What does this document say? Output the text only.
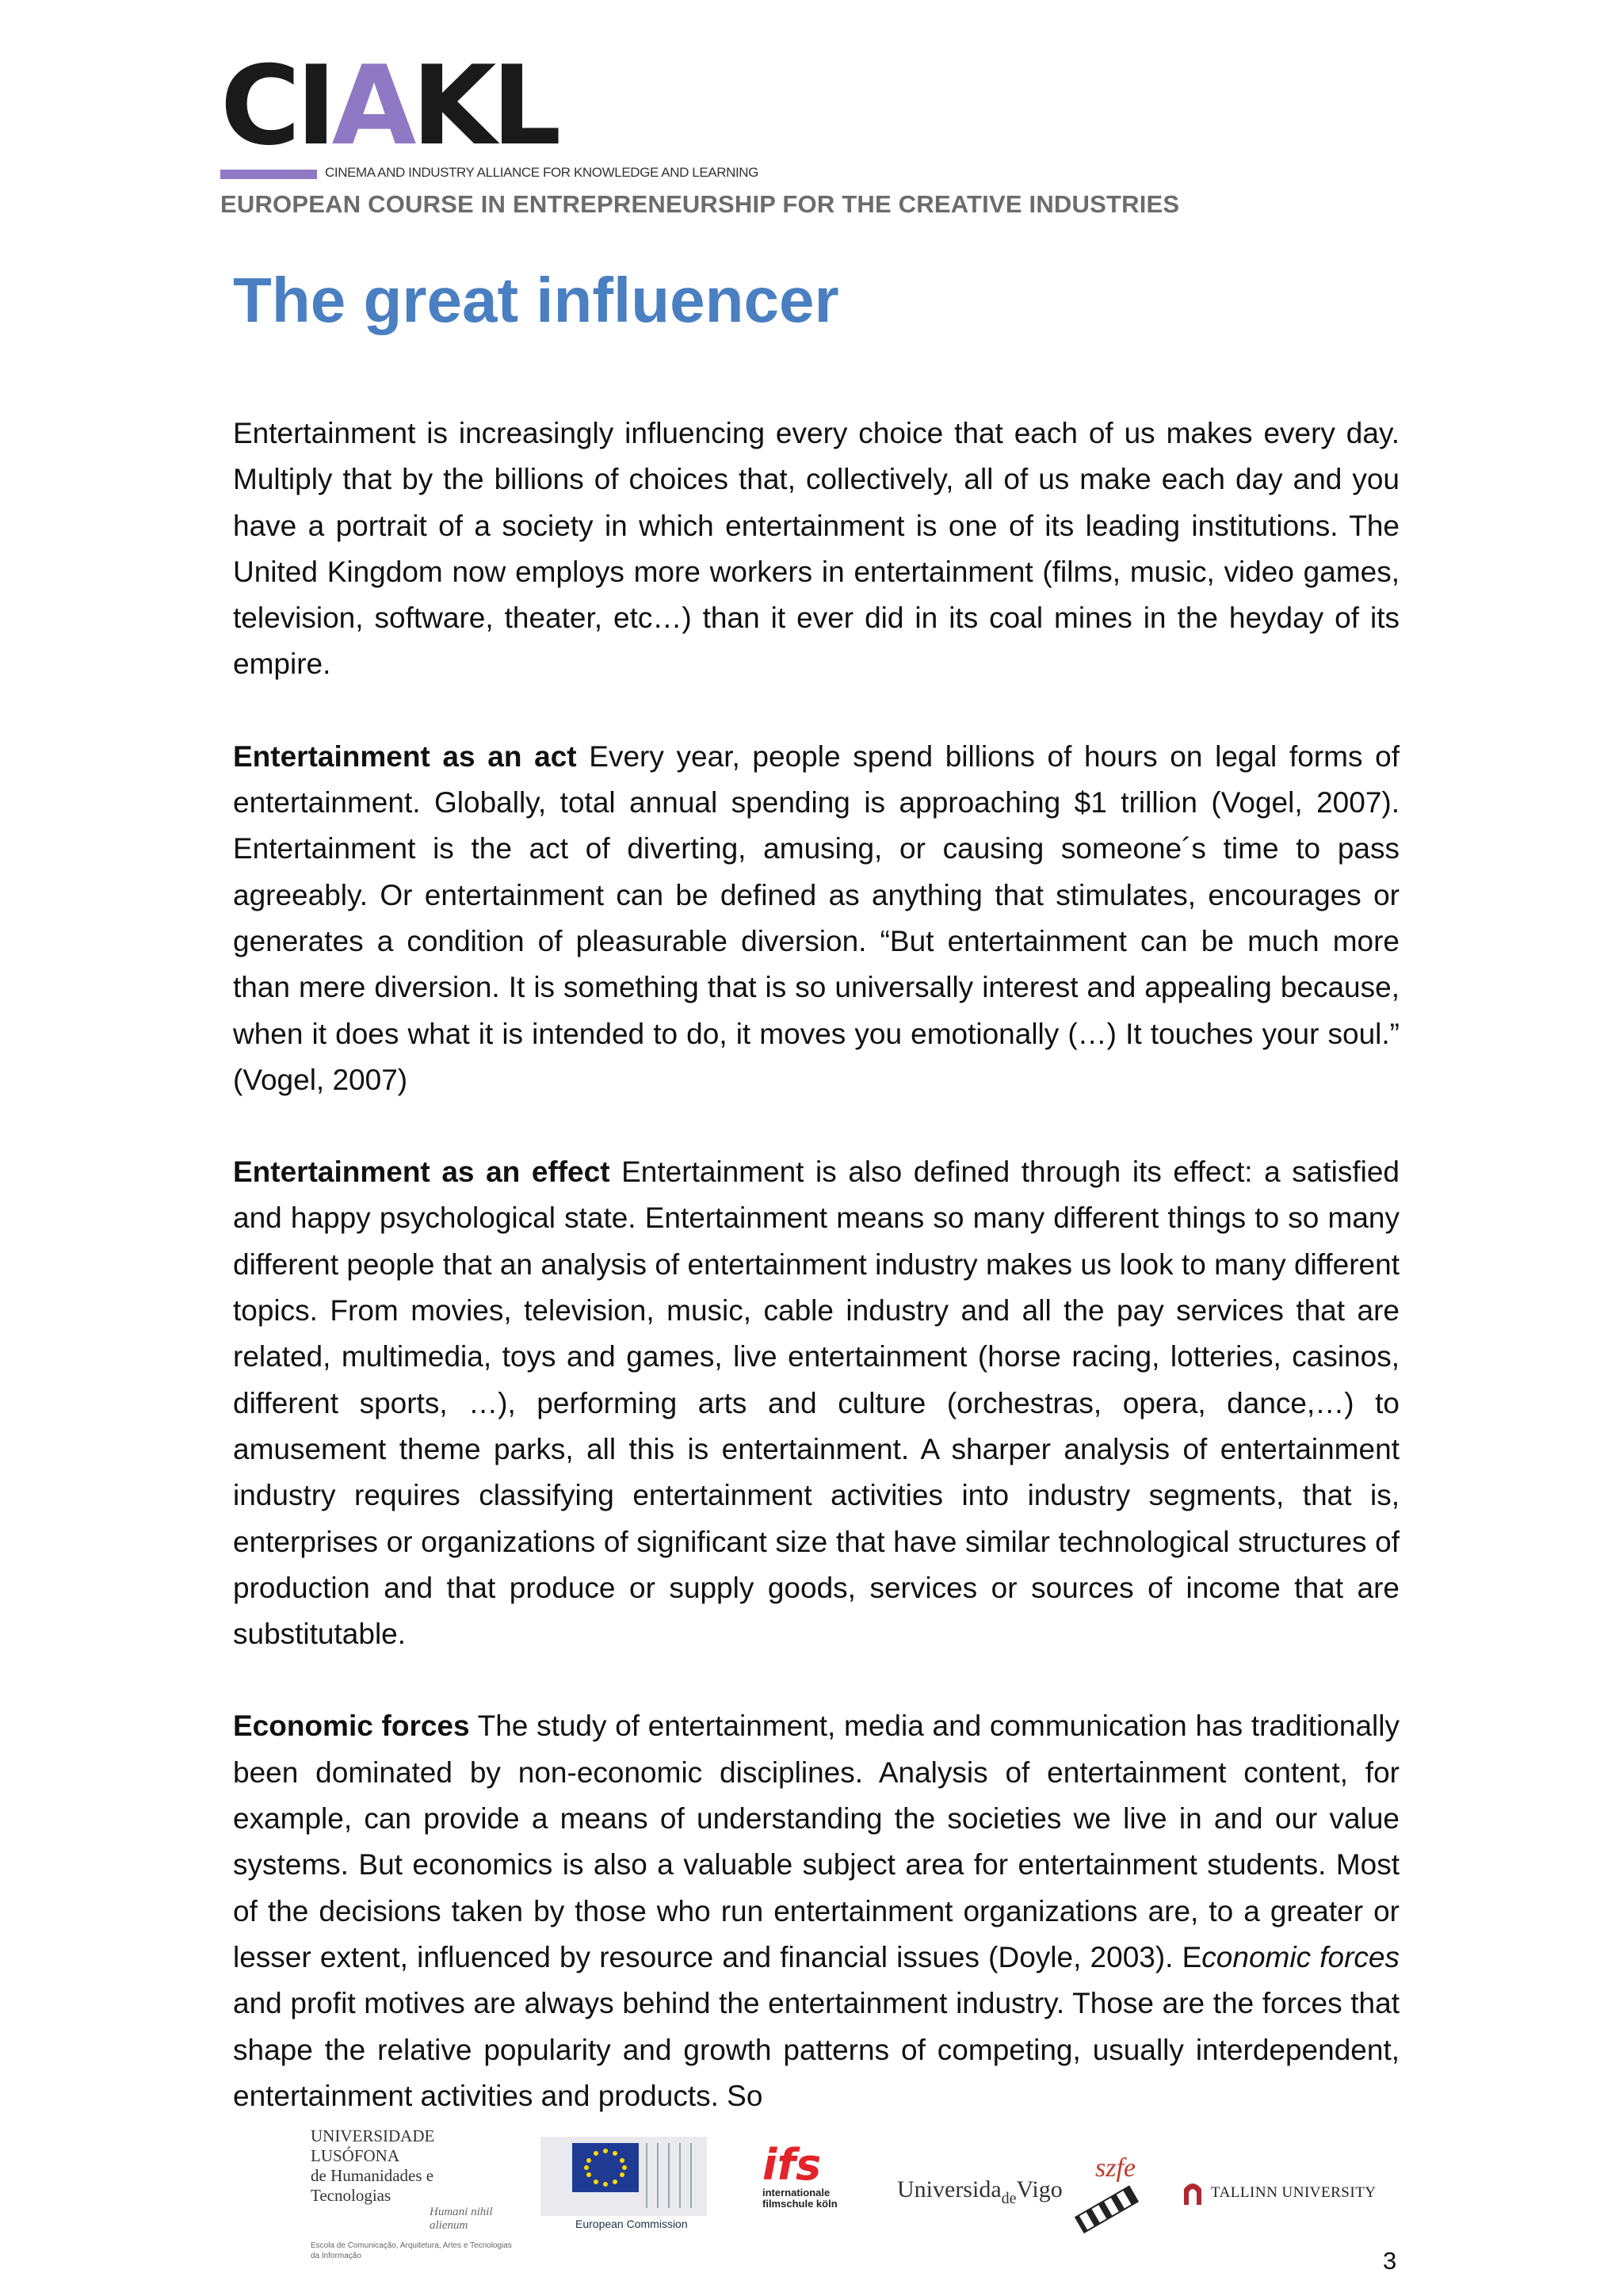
CIAKL
CINEMA AND INDUSTRY ALLIANCE FOR KNOWLEDGE AND LEARNING
EUROPEAN COURSE IN ENTREPRENEURSHIP FOR THE CREATIVE INDUSTRIES
The great influencer

Entertainment is increasingly influencing every choice that each of us makes every day. Multiply that by the billions of choices that, collectively, all of us make each day and you have a portrait of a society in which entertainment is one of its leading institutions. The United Kingdom now employs more workers in entertainment (films, music, video games, television, software, theater, etc…) than it ever did in its coal mines in the heyday of its empire.

Entertainment as an act Every year, people spend billions of hours on legal forms of entertainment. Globally, total annual spending is approaching $1 trillion (Vogel, 2007). Entertainment is the act of diverting, amusing, or causing someone´s time to pass agreeably. Or entertainment can be defined as anything that stimulates, encourages or generates a condition of pleasurable diversion. “But entertainment can be much more than mere diversion. It is something that is so universally interest and appealing because, when it does what it is intended to do, it moves you emotionally (…) It touches your soul.” (Vogel, 2007)

Entertainment as an effect Entertainment is also defined through its effect: a satisfied and happy psychological state. Entertainment means so many different things to so many different people that an analysis of entertainment industry makes us look to many different topics. From movies, television, music, cable industry and all the pay services that are related, multimedia, toys and games, live entertainment (horse racing, lotteries, casinos, different sports, …), performing arts and culture (orchestras, opera, dance,…) to amusement theme parks, all this is entertainment. A sharper analysis of entertainment industry requires classifying entertainment activities into industry segments, that is, enterprises or organizations of significant size that have similar technological structures of production and that produce or supply goods, services or sources of income that are substitutable.

Economic forces The study of entertainment, media and communication has traditionally been dominated by non-economic disciplines. Analysis of entertainment content, for example, can provide a means of understanding the societies we live in and our value systems. But economics is also a valuable subject area for entertainment students. Most of the decisions taken by those who run entertainment organizations are, to a greater or lesser extent, influenced by resource and financial issues (Doyle, 2003). Economic forces and profit motives are always behind the entertainment industry. Those are the forces that shape the relative popularity and growth patterns of competing, usually interdependent, entertainment activities and products. So

UNIVERSIDADE LUSÓFONA
de Humanidades e Tecnologias
Humani nihil alienum
Escola de Comunicação, Arquitetura, Artes e Tecnologias da Informação
European Commission
ifs
internationale filmschule köln
Universida$_{de}$Vigo
szfe
TALLINN UNIVERSITY
3
